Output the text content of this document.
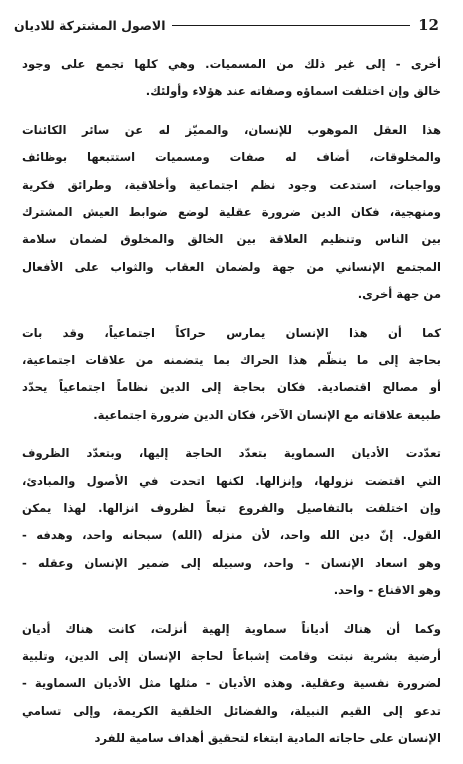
الاصول المشتركة للاديان	12
أخرى - إلى غير ذلك من المسميات. وهي كلها تجمع على وجود
خالق وإن اختلفت اسماؤه وصفاته عند هؤلاء وأولئك.
هذا العقل الموهوب للإنسان، والمميّز له عن سائر الكائنات
والمخلوقات، أضاف له صفات ومسميات استتبعها بوظائف
وواجبات، استدعت وجود نظم اجتماعية وأخلاقية، وطرائق فكرية
ومنهجية، فكان الدين ضرورة عقلية لوضع ضوابط العيش المشترك
بين الناس وتنظيم العلاقة بين الخالق والمخلوق لضمان سلامة
المجتمع الإنساني من جهة ولضمان العقاب والثواب على الأفعال
من جهة أخرى.
كما أن هذا الإنسان يمارس حراكاً اجتماعياً، وقد بات
بحاجة إلى ما ينظّم هذا الحراك بما يتضمنه من علاقات اجتماعية،
أو مصالح اقتصادية. فكان بحاجة إلى الدين نظاماً اجتماعياً يحدّد
طبيعة علاقاته مع الإنسان الآخر، فكان الدين ضرورة اجتماعية.
تعدّدت الأديان السماوية بتعدّد الحاجة إليها، وبتعدّد الظروف
التي اقتضت نزولها، وإنزالها. لكنها اتحدت في الأصول والمبادئ،
وإن اختلفت بالتفاصيل والفروع تبعاً لظروف انزالها. لهذا يمكن
القول. إنّ دين الله واحد، لأن منزله (الله) سبحانه واحد، وهدفه -
وهو اسعاد الإنسان - واحد، وسبيله إلى ضمير الإنسان وعقله -
وهو الاقناع - واحد.
وكما أن هناك أدياناً سماوية إلهية أنزلت، كانت هناك أديان
أرضية بشرية نبتت وقامت إشباعاً لحاجة الإنسان إلى الدين، وتلبية
لضرورة نفسية وعقلية. وهذه الأديان - مثلها مثل الأديان السماوية -
تدعو إلى القيم النبيلة، والفضائل الخلقية الكريمة، وإلى تسامي
الإنسان على حاجاته المادية ابتغاء لتحقيق أهداف سامية للفرد
